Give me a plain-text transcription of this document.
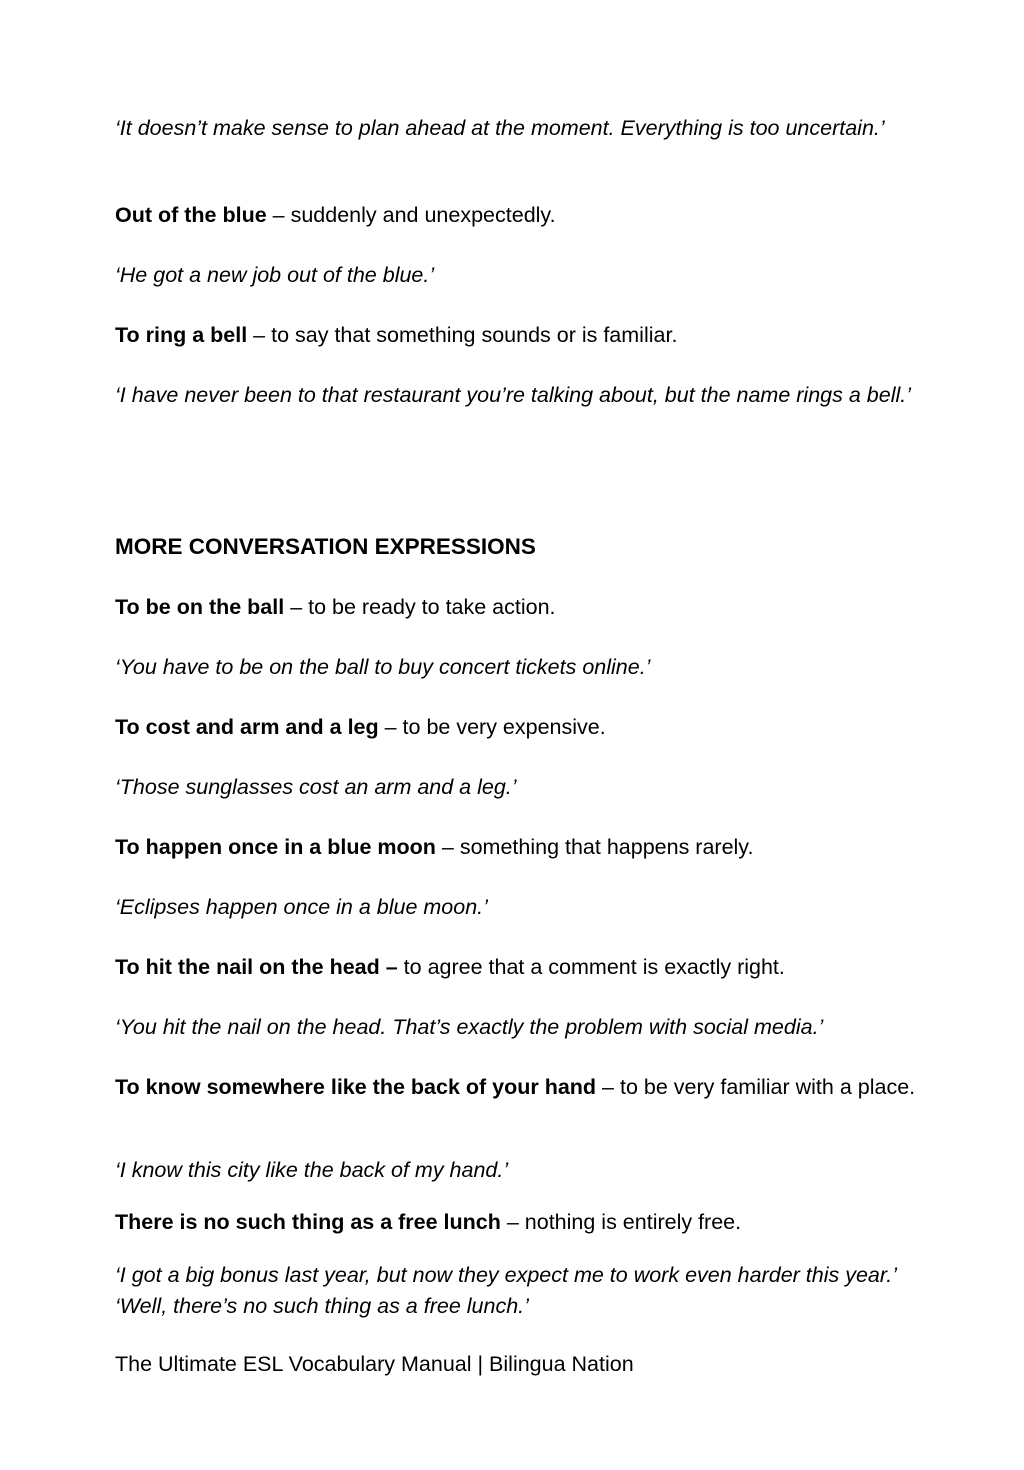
‘It doesn’t make sense to plan ahead at the moment. Everything is too uncertain.’

Out of the blue – suddenly and unexpectedly.

‘He got a new job out of the blue.’

To ring a bell – to say that something sounds or is familiar.

‘I have never been to that restaurant you’re talking about, but the name rings a bell.’

MORE CONVERSATION EXPRESSIONS

To be on the ball – to be ready to take action.

‘You have to be on the ball to buy concert tickets online.’

To cost and arm and a leg – to be very expensive.

‘Those sunglasses cost an arm and a leg.’

To happen once in a blue moon – something that happens rarely.

‘Eclipses happen once in a blue moon.’

To hit the nail on the head – to agree that a comment is exactly right.

‘You hit the nail on the head. That’s exactly the problem with social media.’

To know somewhere like the back of your hand – to be very familiar with a place.

‘I know this city like the back of my hand.’

There is no such thing as a free lunch – nothing is entirely free.

‘I got a big bonus last year, but now they expect me to work even harder this year.’ ‘Well, there’s no such thing as a free lunch.’

The Ultimate ESL Vocabulary Manual | Bilingua Nation
